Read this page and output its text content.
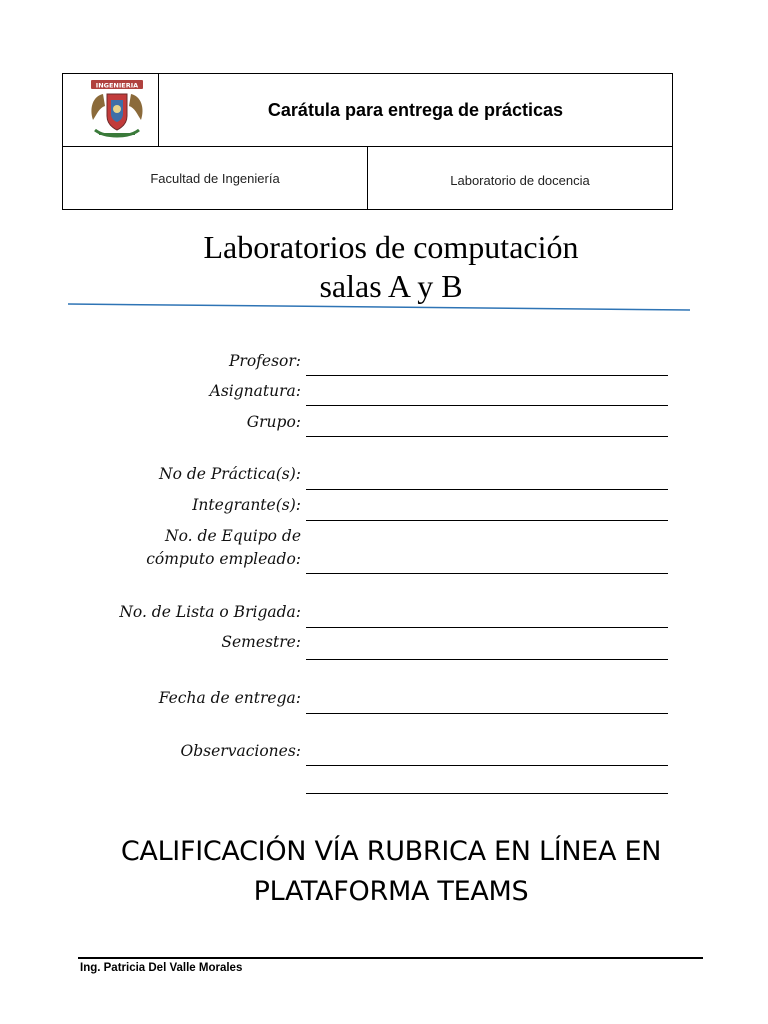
INGENIERIA
Carátula para entrega de prácticas
Facultad de Ingeniería	Laboratorio de docencia
Laboratorios de computación
salas A y B
Profesor:
Asignatura:
Grupo:
No de Práctica(s):
Integrante(s):
No. de Equipo de
cómputo empleado:
No. de Lista o Brigada:
Semestre:
Fecha de entrega:
Observaciones:
CALIFICACIÓN VÍA RUBRICA EN LÍNEA EN
PLATAFORMA TEAMS
Ing. Patricia Del Valle Morales
